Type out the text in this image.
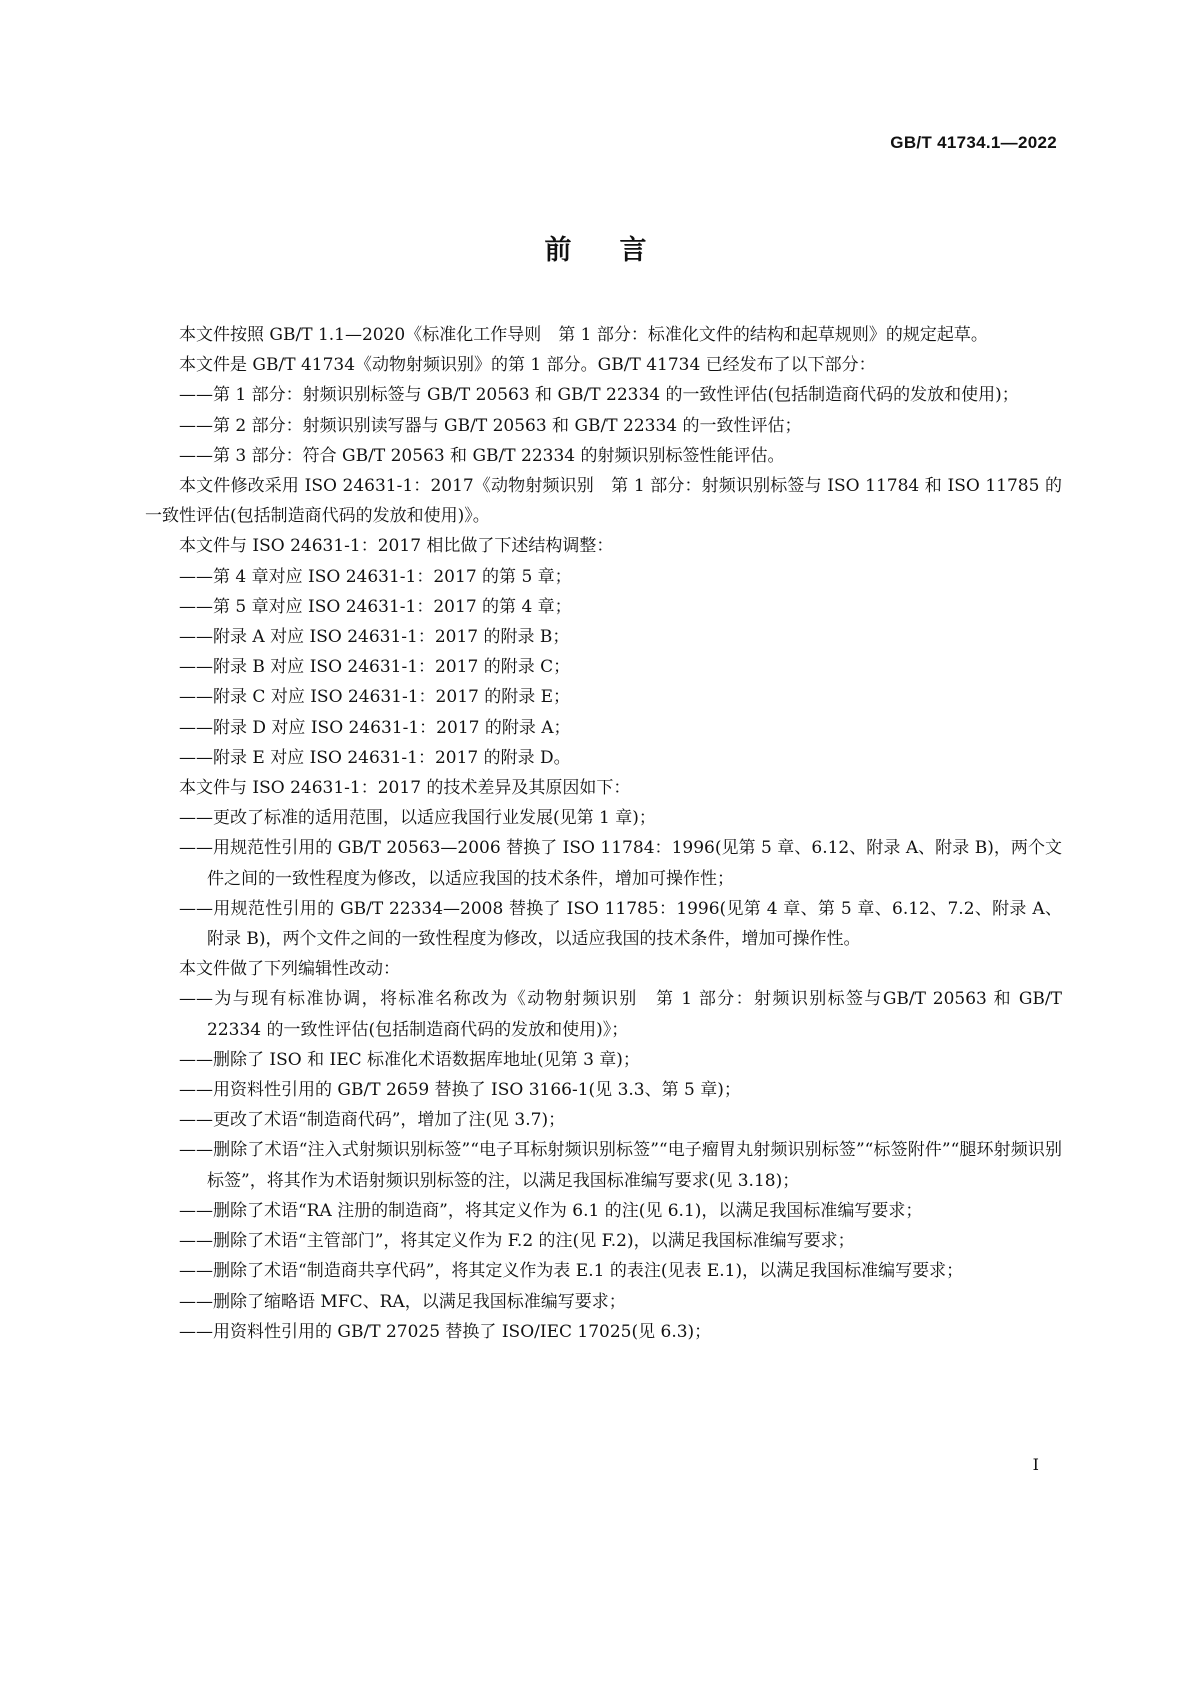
GB/T 41734.1—2022
前言

本文件按照 GB/T 1.1—2020《标准化工作导则　第 1 部分：标准化文件的结构和起草规则》的规定起草。

本文件是 GB/T 41734《动物射频识别》的第 1 部分。GB/T 41734 已经发布了以下部分：

——第 1 部分：射频识别标签与 GB/T 20563 和 GB/T 22334 的一致性评估(包括制造商代码的发放和使用)；

——第 2 部分：射频识别读写器与 GB/T 20563 和 GB/T 22334 的一致性评估；

——第 3 部分：符合 GB/T 20563 和 GB/T 22334 的射频识别标签性能评估。

本文件修改采用 ISO 24631-1：2017《动物射频识别　第 1 部分：射频识别标签与 ISO 11784 和 ISO 11785 的一致性评估(包括制造商代码的发放和使用)》。

本文件与 ISO 24631-1：2017 相比做了下述结构调整：

——第 4 章对应 ISO 24631-1：2017 的第 5 章；

——第 5 章对应 ISO 24631-1：2017 的第 4 章；

——附录 A 对应 ISO 24631-1：2017 的附录 B；

——附录 B 对应 ISO 24631-1：2017 的附录 C；

——附录 C 对应 ISO 24631-1：2017 的附录 E；

——附录 D 对应 ISO 24631-1：2017 的附录 A；

——附录 E 对应 ISO 24631-1：2017 的附录 D。

本文件与 ISO 24631-1：2017 的技术差异及其原因如下：

——更改了标准的适用范围，以适应我国行业发展(见第 1 章)；

——用规范性引用的 GB/T 20563—2006 替换了 ISO 11784：1996(见第 5 章、6.12、附录 A、附录 B)，两个文件之间的一致性程度为修改，以适应我国的技术条件，增加可操作性；

——用规范性引用的 GB/T 22334—2008 替换了 ISO 11785：1996(见第 4 章、第 5 章、6.12、7.2、附录 A、附录 B)，两个文件之间的一致性程度为修改，以适应我国的技术条件，增加可操作性。

本文件做了下列编辑性改动：

——为与现有标准协调，将标准名称改为《动物射频识别　第 1 部分：射频识别标签与GB/T 20563 和 GB/T 22334 的一致性评估(包括制造商代码的发放和使用)》；

——删除了 ISO 和 IEC 标准化术语数据库地址(见第 3 章)；

——用资料性引用的 GB/T 2659 替换了 ISO 3166-1(见 3.3、第 5 章)；

——更改了术语“制造商代码”，增加了注(见 3.7)；

——删除了术语“注入式射频识别标签”“电子耳标射频识别标签”“电子瘤胃丸射频识别标签”“标签附件”“腿环射频识别标签”，将其作为术语射频识别标签的注，以满足我国标准编写要求(见 3.18)；

——删除了术语“RA 注册的制造商”，将其定义作为 6.1 的注(见 6.1)，以满足我国标准编写要求；

——删除了术语“主管部门”，将其定义作为 F.2 的注(见 F.2)，以满足我国标准编写要求；

——删除了术语“制造商共享代码”，将其定义作为表 E.1 的表注(见表 E.1)，以满足我国标准编写要求；

——删除了缩略语 MFC、RA，以满足我国标准编写要求；

——用资料性引用的 GB/T 27025 替换了 ISO/IEC 17025(见 6.3)；

I
